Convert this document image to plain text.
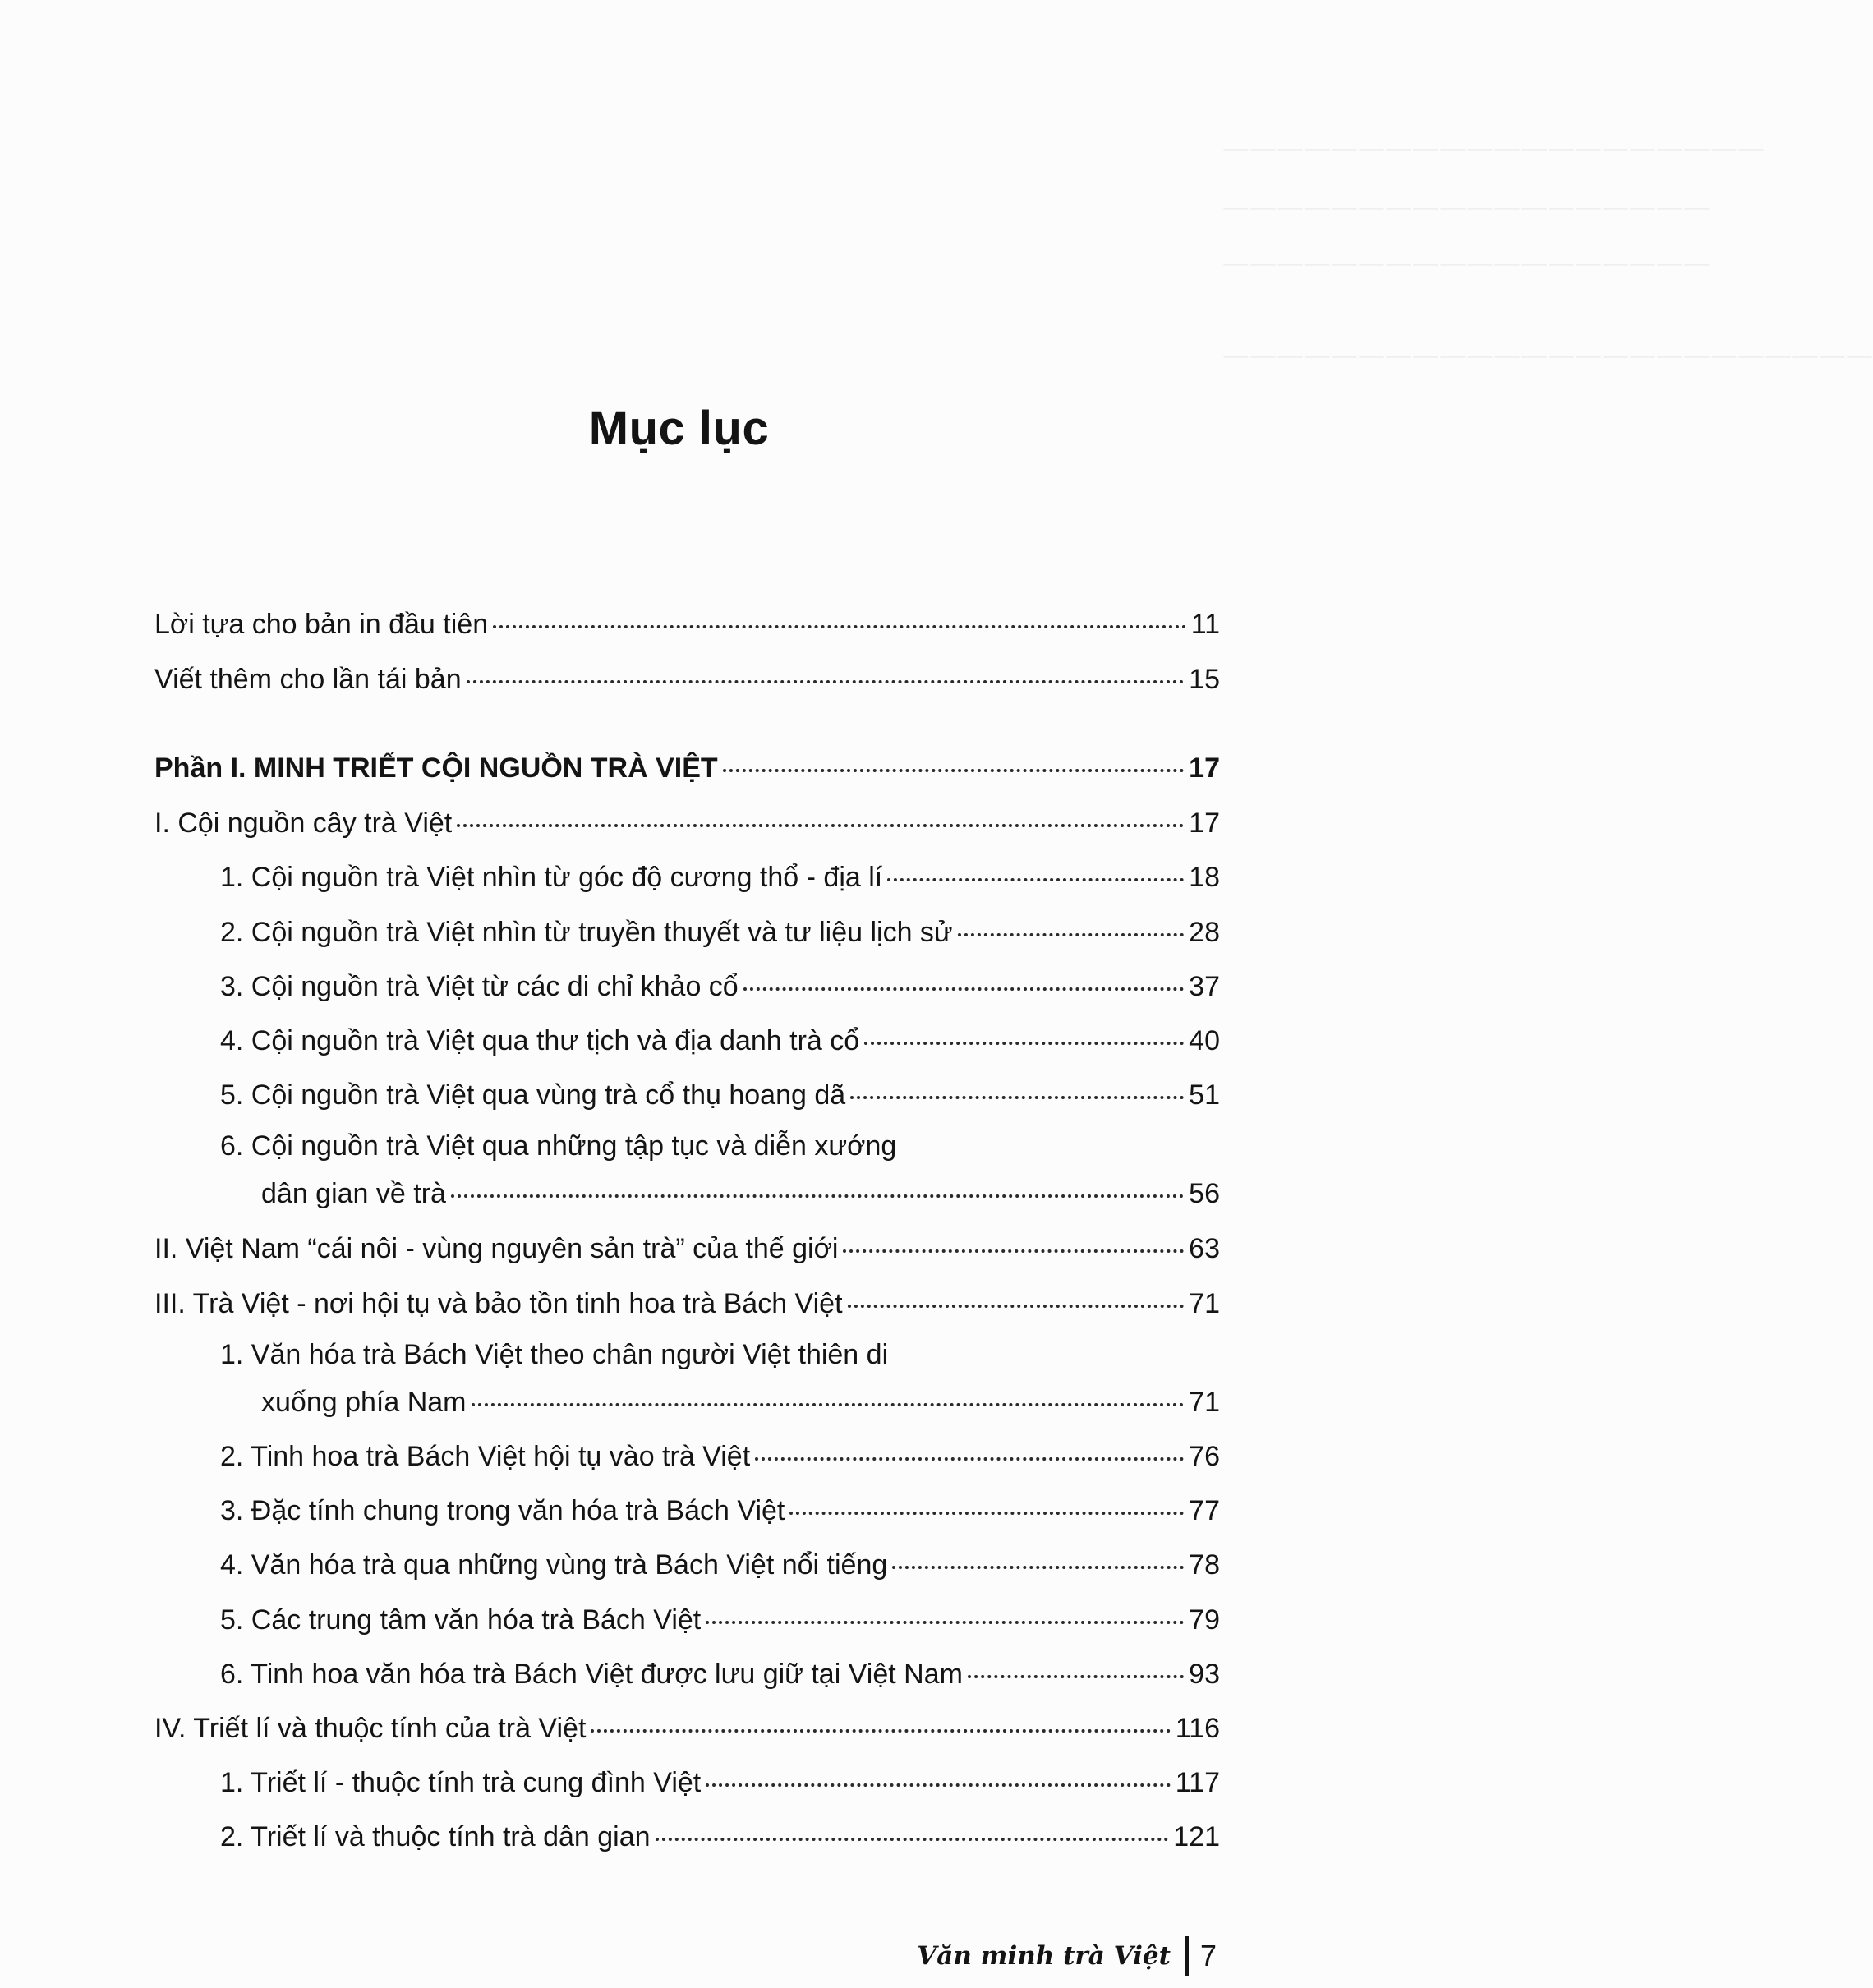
————————————————————
——————————————————
——————————————————
————————————————————————
Mục lục
Lời tựa cho bản in đầu tiên	11
Viết thêm cho lần tái bản	15
Phần I. MINH TRIẾT CỘI NGUỒN TRÀ VIỆT	17
I. Cội nguồn cây trà Việt	17
1. Cội nguồn trà Việt nhìn từ góc độ cương thổ - địa lí	18
2. Cội nguồn trà Việt nhìn từ truyền thuyết và tư liệu lịch sử	28
3. Cội nguồn trà Việt từ các di chỉ khảo cổ	37
4. Cội nguồn trà Việt qua thư tịch và địa danh trà cổ	40
5. Cội nguồn trà Việt qua vùng trà cổ thụ hoang dã	51
6. Cội nguồn trà Việt qua những tập tục và diễn xướng
dân gian về trà	56
II. Việt Nam “cái nôi - vùng nguyên sản trà” của thế giới	63
III. Trà Việt - nơi hội tụ và bảo tồn tinh hoa trà Bách Việt	71
1. Văn hóa trà Bách Việt theo chân người Việt thiên di
xuống phía Nam	71
2. Tinh hoa trà Bách Việt hội tụ vào trà Việt	76
3. Đặc tính chung trong văn hóa trà Bách Việt	77
4. Văn hóa trà qua những vùng trà Bách Việt nổi tiếng	78
5. Các trung tâm văn hóa trà Bách Việt	79
6. Tinh hoa văn hóa trà Bách Việt được lưu giữ tại Việt Nam	93
IV. Triết lí và thuộc tính của trà Việt	116
1. Triết lí - thuộc tính trà cung đình Việt	117
2. Triết lí và thuộc tính trà dân gian	121
Văn minh trà Việt 7
